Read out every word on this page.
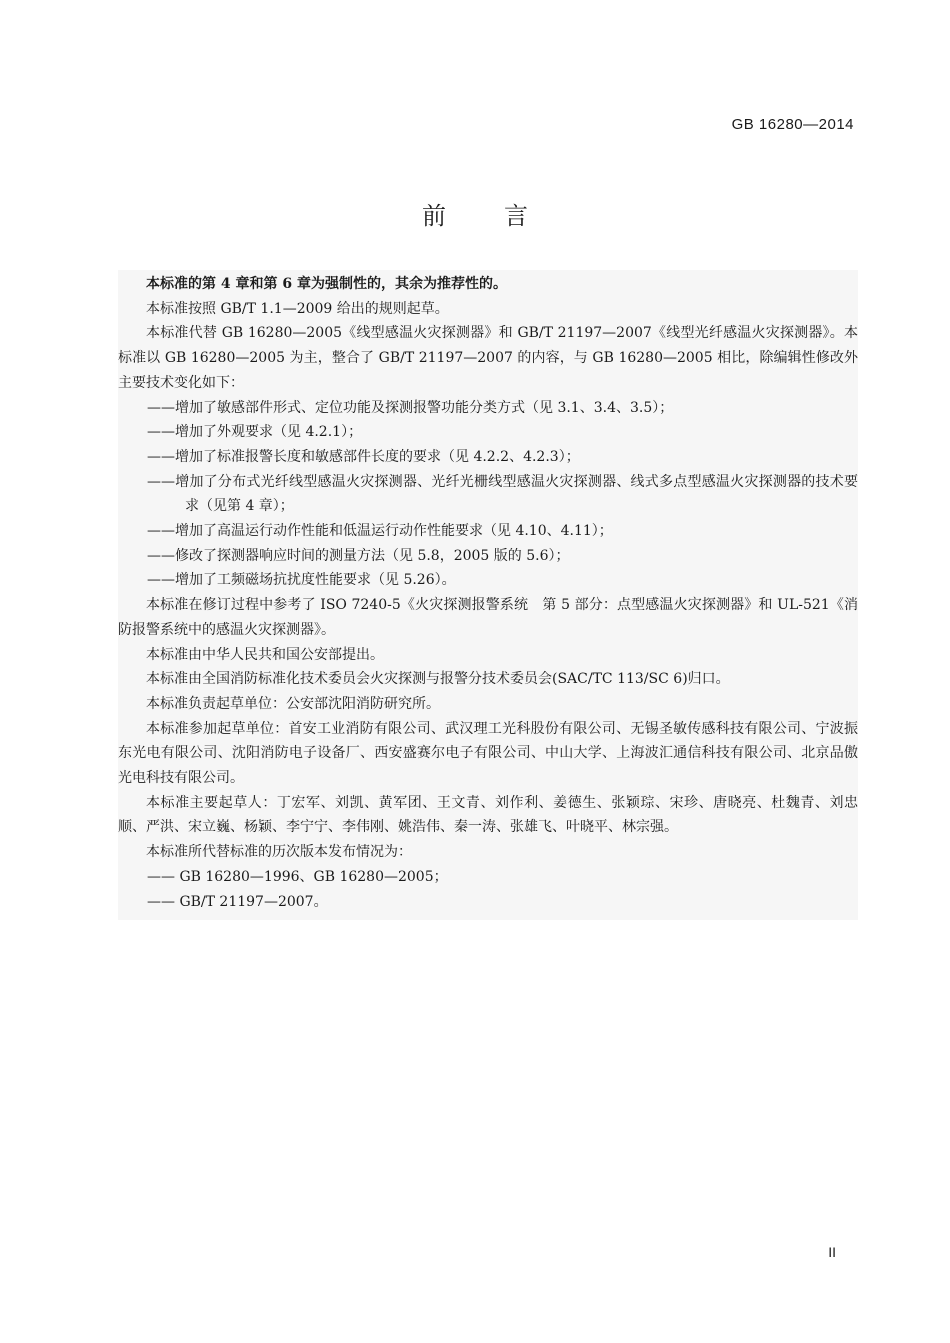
GB 16280—2014
前言

本标准的第 4 章和第 6 章为强制性的，其余为推荐性的。

本标准按照 GB/T 1.1—2009 给出的规则起草。

本标准代替 GB 16280—2005《线型感温火灾探测器》和 GB/T 21197—2007《线型光纤感温火灾探测器》。本标准以 GB 16280—2005 为主，整合了 GB/T 21197—2007 的内容，与 GB 16280—2005 相比，除编辑性修改外主要技术变化如下：

——增加了敏感部件形式、定位功能及探测报警功能分类方式（见 3.1、3.4、3.5）；

——增加了外观要求（见 4.2.1）；

——增加了标准报警长度和敏感部件长度的要求（见 4.2.2、4.2.3）；

——增加了分布式光纤线型感温火灾探测器、光纤光栅线型感温火灾探测器、线式多点型感温火灾探测器的技术要求（见第 4 章）；

——增加了高温运行动作性能和低温运行动作性能要求（见 4.10、4.11）；

——修改了探测器响应时间的测量方法（见 5.8，2005 版的 5.6）；

——增加了工频磁场抗扰度性能要求（见 5.26）。

本标准在修订过程中参考了 ISO 7240-5《火灾探测报警系统　第 5 部分：点型感温火灾探测器》和 UL-521《消防报警系统中的感温火灾探测器》。

本标准由中华人民共和国公安部提出。

本标准由全国消防标准化技术委员会火灾探测与报警分技术委员会(SAC/TC 113/SC 6)归口。

本标准负责起草单位：公安部沈阳消防研究所。

本标准参加起草单位：首安工业消防有限公司、武汉理工光科股份有限公司、无锡圣敏传感科技有限公司、宁波振东光电有限公司、沈阳消防电子设备厂、西安盛赛尔电子有限公司、中山大学、上海波汇通信科技有限公司、北京品傲光电科技有限公司。

本标准主要起草人：丁宏军、刘凯、黄军团、王文青、刘作利、姜德生、张颖琮、宋珍、唐晓亮、杜魏青、刘忠顺、严洪、宋立巍、杨颖、李宁宁、李伟刚、姚浩伟、秦一涛、张雄飞、叶晓平、林宗强。

本标准所代替标准的历次版本发布情况为：

—— GB 16280—1996、GB 16280—2005；

—— GB/T 21197—2007。

II
